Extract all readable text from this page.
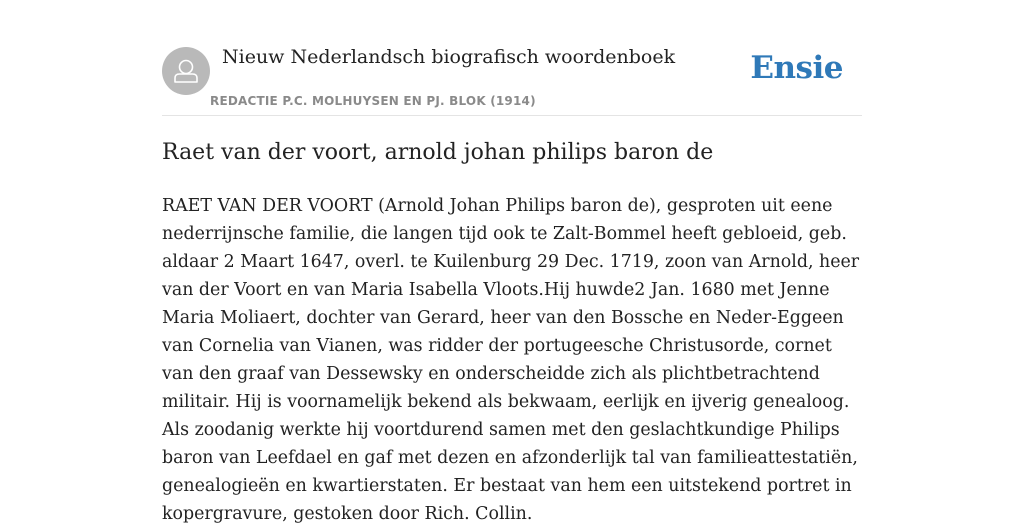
Nieuw Nederlandsch biografisch woordenboek
REDACTIE P.C. MOLHUYSEN EN PJ. BLOK (1914)
Ensie
Raet van der voort, arnold johan philips baron de

RAET VAN DER VOORT (Arnold Johan Philips baron de), gesproten uit eene nederrijnsche familie, die langen tijd ook te Zalt-Bommel heeft gebloeid, geb. aldaar 2 Maart 1647, overl. te Kuilenburg 29 Dec. 1719, zoon van Arnold, heer van der Voort en van Maria Isabella Vloots.Hij huwde2 Jan. 1680 met Jenne Maria Moliaert, dochter van Gerard, heer van den Bossche en Neder-Eggeen van Cornelia van Vianen, was ridder der portugeesche Christusorde, cornet van den graaf van Dessewsky en onderscheidde zich als plichtbetrachtend militair. Hij is voornamelijk bekend als bekwaam, eerlijk en ijverig genealoog. Als zoodanig werkte hij voortdurend samen met den geslachtkundige Philips baron van Leefdael en gaf met dezen en afzonderlijk tal van familieattestatiën, genealogieën en kwartierstaten. Er bestaat van hem een uitstekend portret in kopergravure, gestoken door Rich. Collin.
